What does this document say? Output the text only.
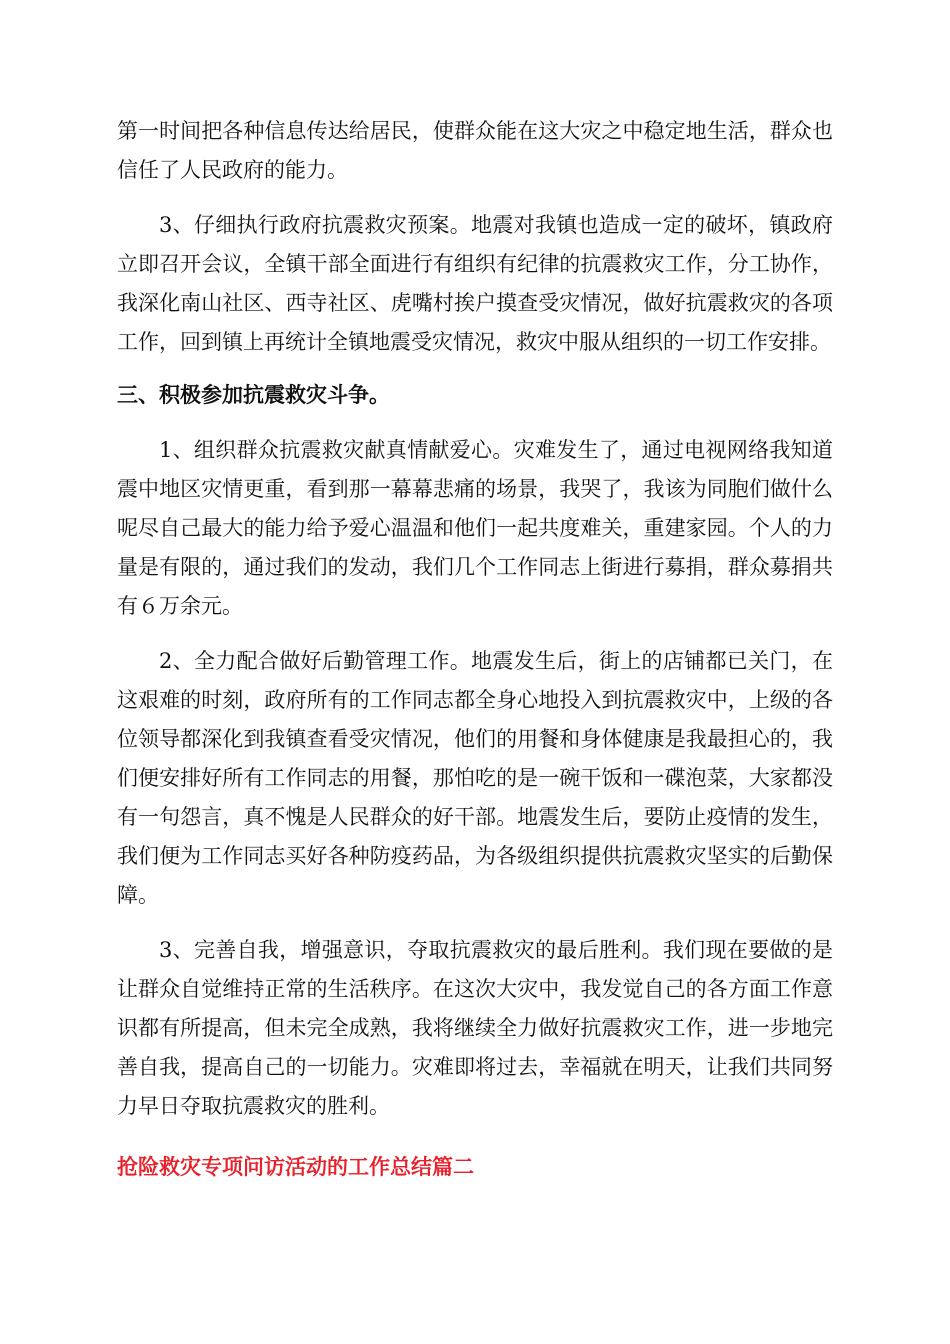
第一时间把各种信息传达给居民，使群众能在这大灾之中稳定地生活，群众也信任了人民政府的能力。

3、仔细执行政府抗震救灾预案。地震对我镇也造成一定的破坏，镇政府立即召开会议，全镇干部全面进行有组织有纪律的抗震救灾工作，分工协作，我深化南山社区、西寺社区、虎嘴村挨户摸查受灾情况，做好抗震救灾的各项工作，回到镇上再统计全镇地震受灾情况，救灾中服从组织的一切工作安排。

三、积极参加抗震救灾斗争。

1、组织群众抗震救灾献真情献爱心。灾难发生了，通过电视网络我知道震中地区灾情更重，看到那一幕幕悲痛的场景，我哭了，我该为同胞们做什么呢尽自己最大的能力给予爱心温温和他们一起共度难关，重建家园。个人的力量是有限的，通过我们的发动，我们几个工作同志上街进行募捐，群众募捐共有６万余元。

2、全力配合做好后勤管理工作。地震发生后，街上的店铺都已关门，在这艰难的时刻，政府所有的工作同志都全身心地投入到抗震救灾中，上级的各位领导都深化到我镇查看受灾情况，他们的用餐和身体健康是我最担心的，我们便安排好所有工作同志的用餐，那怕吃的是一碗干饭和一碟泡菜，大家都没有一句怨言，真不愧是人民群众的好干部。地震发生后，要防止疫情的发生，我们便为工作同志买好各种防疫药品，为各级组织提供抗震救灾坚实的后勤保障。

3、完善自我，增强意识，夺取抗震救灾的最后胜利。我们现在要做的是让群众自觉维持正常的生活秩序。在这次大灾中，我发觉自己的各方面工作意识都有所提高，但未完全成熟，我将继续全力做好抗震救灾工作，进一步地完善自我，提高自己的一切能力。灾难即将过去，幸福就在明天，让我们共同努力早日夺取抗震救灾的胜利。

抢险救灾专项问访活动的工作总结篇二
